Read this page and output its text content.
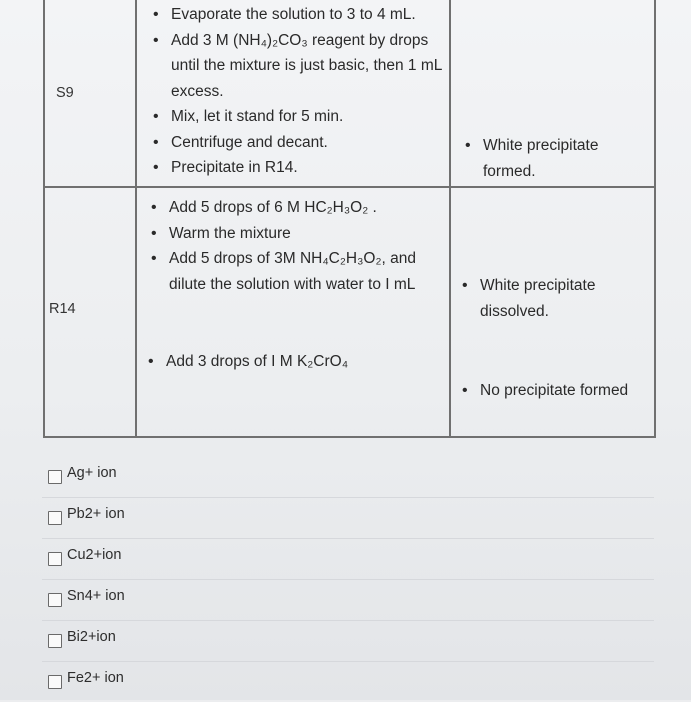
S9
• Evaporate the solution to 3 to 4 mL.
• Add 3 M (NH₄)₂CO₃ reagent by drops until the mixture is just basic, then 1 mL excess.
• Mix, let it stand for 5 min.
• Centrifuge and decant.
• Precipitate in R14.
• White precipitate formed.
R14
• Add 5 drops of 6 M HC₂H₃O₂ .
• Warm the mixture
• Add 5 drops of 3M NH₄C₂H₃O₂, and dilute the solution with water to I mL
•	White precipitate dissolved.
• Add 3 drops of I M K₂CrO₄
• No precipitate formed
Ag+ ion
Pb2+ ion
Cu2+ion
Sn4+ ion
Bi2+ion
Fe2+ ion
